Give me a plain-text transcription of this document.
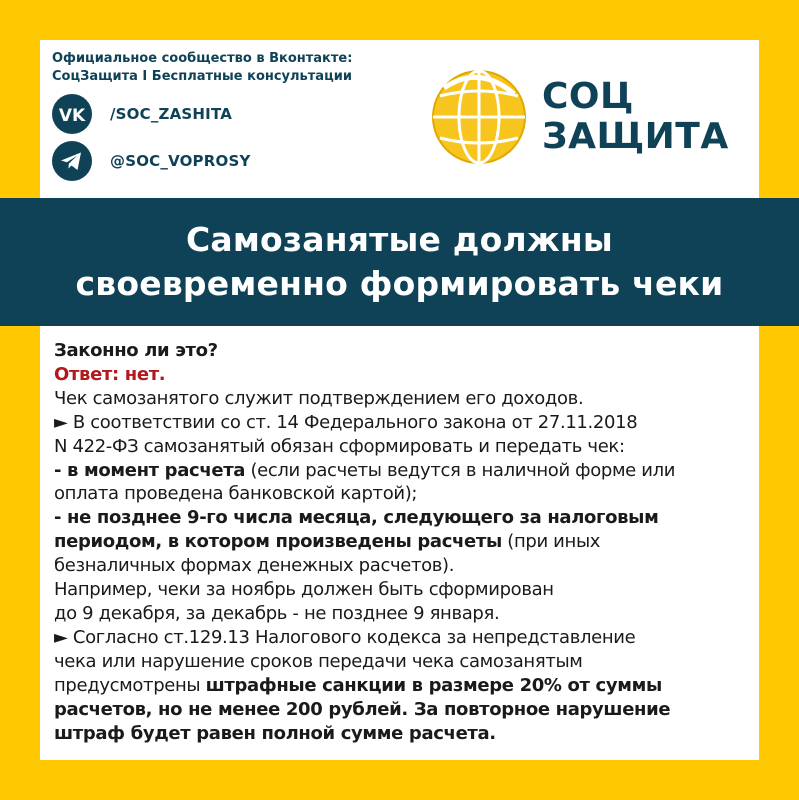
Официальное сообщество в Вконтакте:
СоцЗащита I Бесплатные консультации
VK /SOC_ZASHITA
@SOC_VOPROSY
СОЦ
ЗАЩИТА
Самозанятые должны
своевременно формировать чеки
Законно ли это?
Ответ: нет.
Чек самозанятого служит подтверждением его доходов.
► В соответствии со ст. 14 Федерального закона от 27.11.2018
N 422-ФЗ самозанятый обязан сформировать и передать чек:
- в момент расчета (если расчеты ведутся в наличной форме или
оплата проведена банковской картой);
- не позднее 9-го числа месяца, следующего за налоговым
периодом, в котором произведены расчеты (при иных
безналичных формах денежных расчетов).
Например, чеки за ноябрь должен быть сформирован
до 9 декабря, за декабрь - не позднее 9 января.
► Согласно ст.129.13 Налогового кодекса за непредставление
чека или нарушение сроков передачи чека самозанятым
предусмотрены штрафные санкции в размере 20% от суммы
расчетов, но не менее 200 рублей. За повторное нарушение
штраф будет равен полной сумме расчета.
